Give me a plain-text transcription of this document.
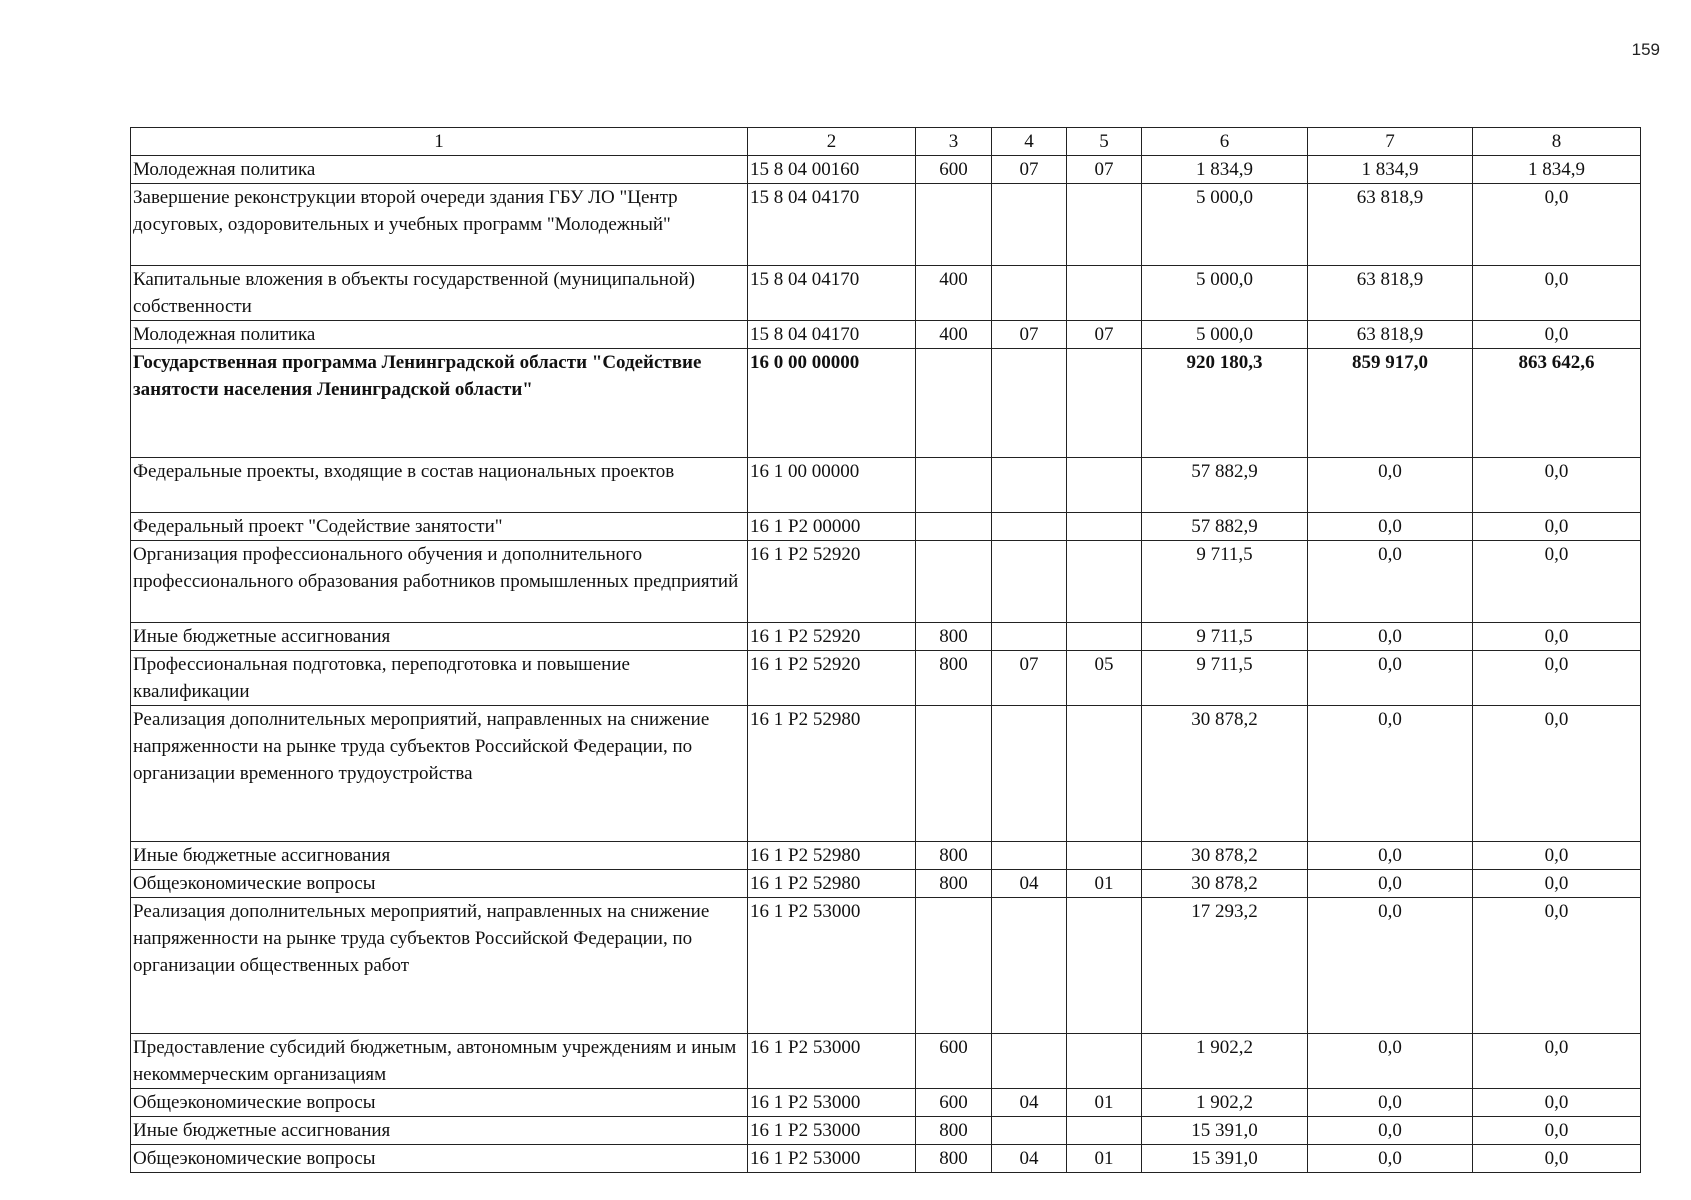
159
1	2	3	4	5	6	7	8
Молодежная политика	15 8 04 00160	600	07	07	1 834,9	1 834,9	1 834,9
Завершение реконструкции второй очереди здания ГБУ ЛО "Центр досуговых, оздоровительных и учебных программ "Молодежный"	15 8 04 04170				5 000,0	63 818,9	0,0
Капитальные вложения в объекты государственной (муниципальной) собственности	15 8 04 04170	400			5 000,0	63 818,9	0,0
Молодежная политика	15 8 04 04170	400	07	07	5 000,0	63 818,9	0,0
Государственная программа Ленинградской области "Содействие занятости населения Ленинградской области"	16 0 00 00000				920 180,3	859 917,0	863 642,6
Федеральные проекты, входящие в состав национальных проектов	16 1 00 00000				57 882,9	0,0	0,0
Федеральный проект "Содействие занятости"	16 1 P2 00000				57 882,9	0,0	0,0
Организация профессионального обучения и дополнительного профессионального образования работников промышленных предприятий	16 1 P2 52920				9 711,5	0,0	0,0
Иные бюджетные ассигнования	16 1 P2 52920	800			9 711,5	0,0	0,0
Профессиональная подготовка, переподготовка и повышение квалификации	16 1 P2 52920	800	07	05	9 711,5	0,0	0,0
Реализация дополнительных мероприятий, направленных на снижение напряженности на рынке труда субъектов Российской Федерации, по организации временного трудоустройства	16 1 P2 52980				30 878,2	0,0	0,0
Иные бюджетные ассигнования	16 1 P2 52980	800			30 878,2	0,0	0,0
Общеэкономические вопросы	16 1 P2 52980	800	04	01	30 878,2	0,0	0,0
Реализация дополнительных мероприятий, направленных на снижение напряженности на рынке труда субъектов Российской Федерации, по организации общественных работ	16 1 P2 53000				17 293,2	0,0	0,0
Предоставление субсидий бюджетным, автономным учреждениям и иным некоммерческим организациям	16 1 P2 53000	600			1 902,2	0,0	0,0
Общеэкономические вопросы	16 1 P2 53000	600	04	01	1 902,2	0,0	0,0
Иные бюджетные ассигнования	16 1 P2 53000	800			15 391,0	0,0	0,0
Общеэкономические вопросы	16 1 P2 53000	800	04	01	15 391,0	0,0	0,0
